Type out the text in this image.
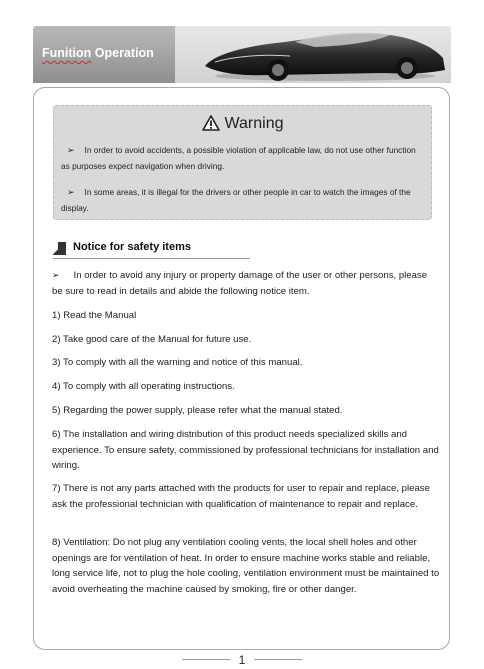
Funition Operation
Warning
➢ In order to avoid accidents, a possible violation of applicable law, do not use other function as purposes expect navigation when driving.
➢ In some areas, it is illegal for the drivers or other people in car to watch the images of the display.
Notice for safety items
➢ In order to avoid any injury or property damage of the user or other persons, please be sure to read in details and abide the following notice item.
1) Read the Manual
2) Take good care of the Manual for future use.
3) To comply with all the warning and notice of this manual.
4) To comply with all operating instructions.
5) Regarding the power supply, please refer what the manual stated.
6) The installation and wiring distribution of this product needs specialized skills and experience. To ensure safety, commissioned by professional technicians for installation and wiring.
7) There is not any parts attached with the products for user to repair and replace, please ask the professional technician with qualification of maintenance to repair and replace.
8) Ventilation: Do not plug any ventilation cooling vents, the local shell holes and other openings are for ventilation of heat. In order to ensure machine works stable and reliable, long service life, not to plug the hole cooling, ventilation environment must be maintained to avoid overheating the machine caused by smoking, fire or other danger.
1
